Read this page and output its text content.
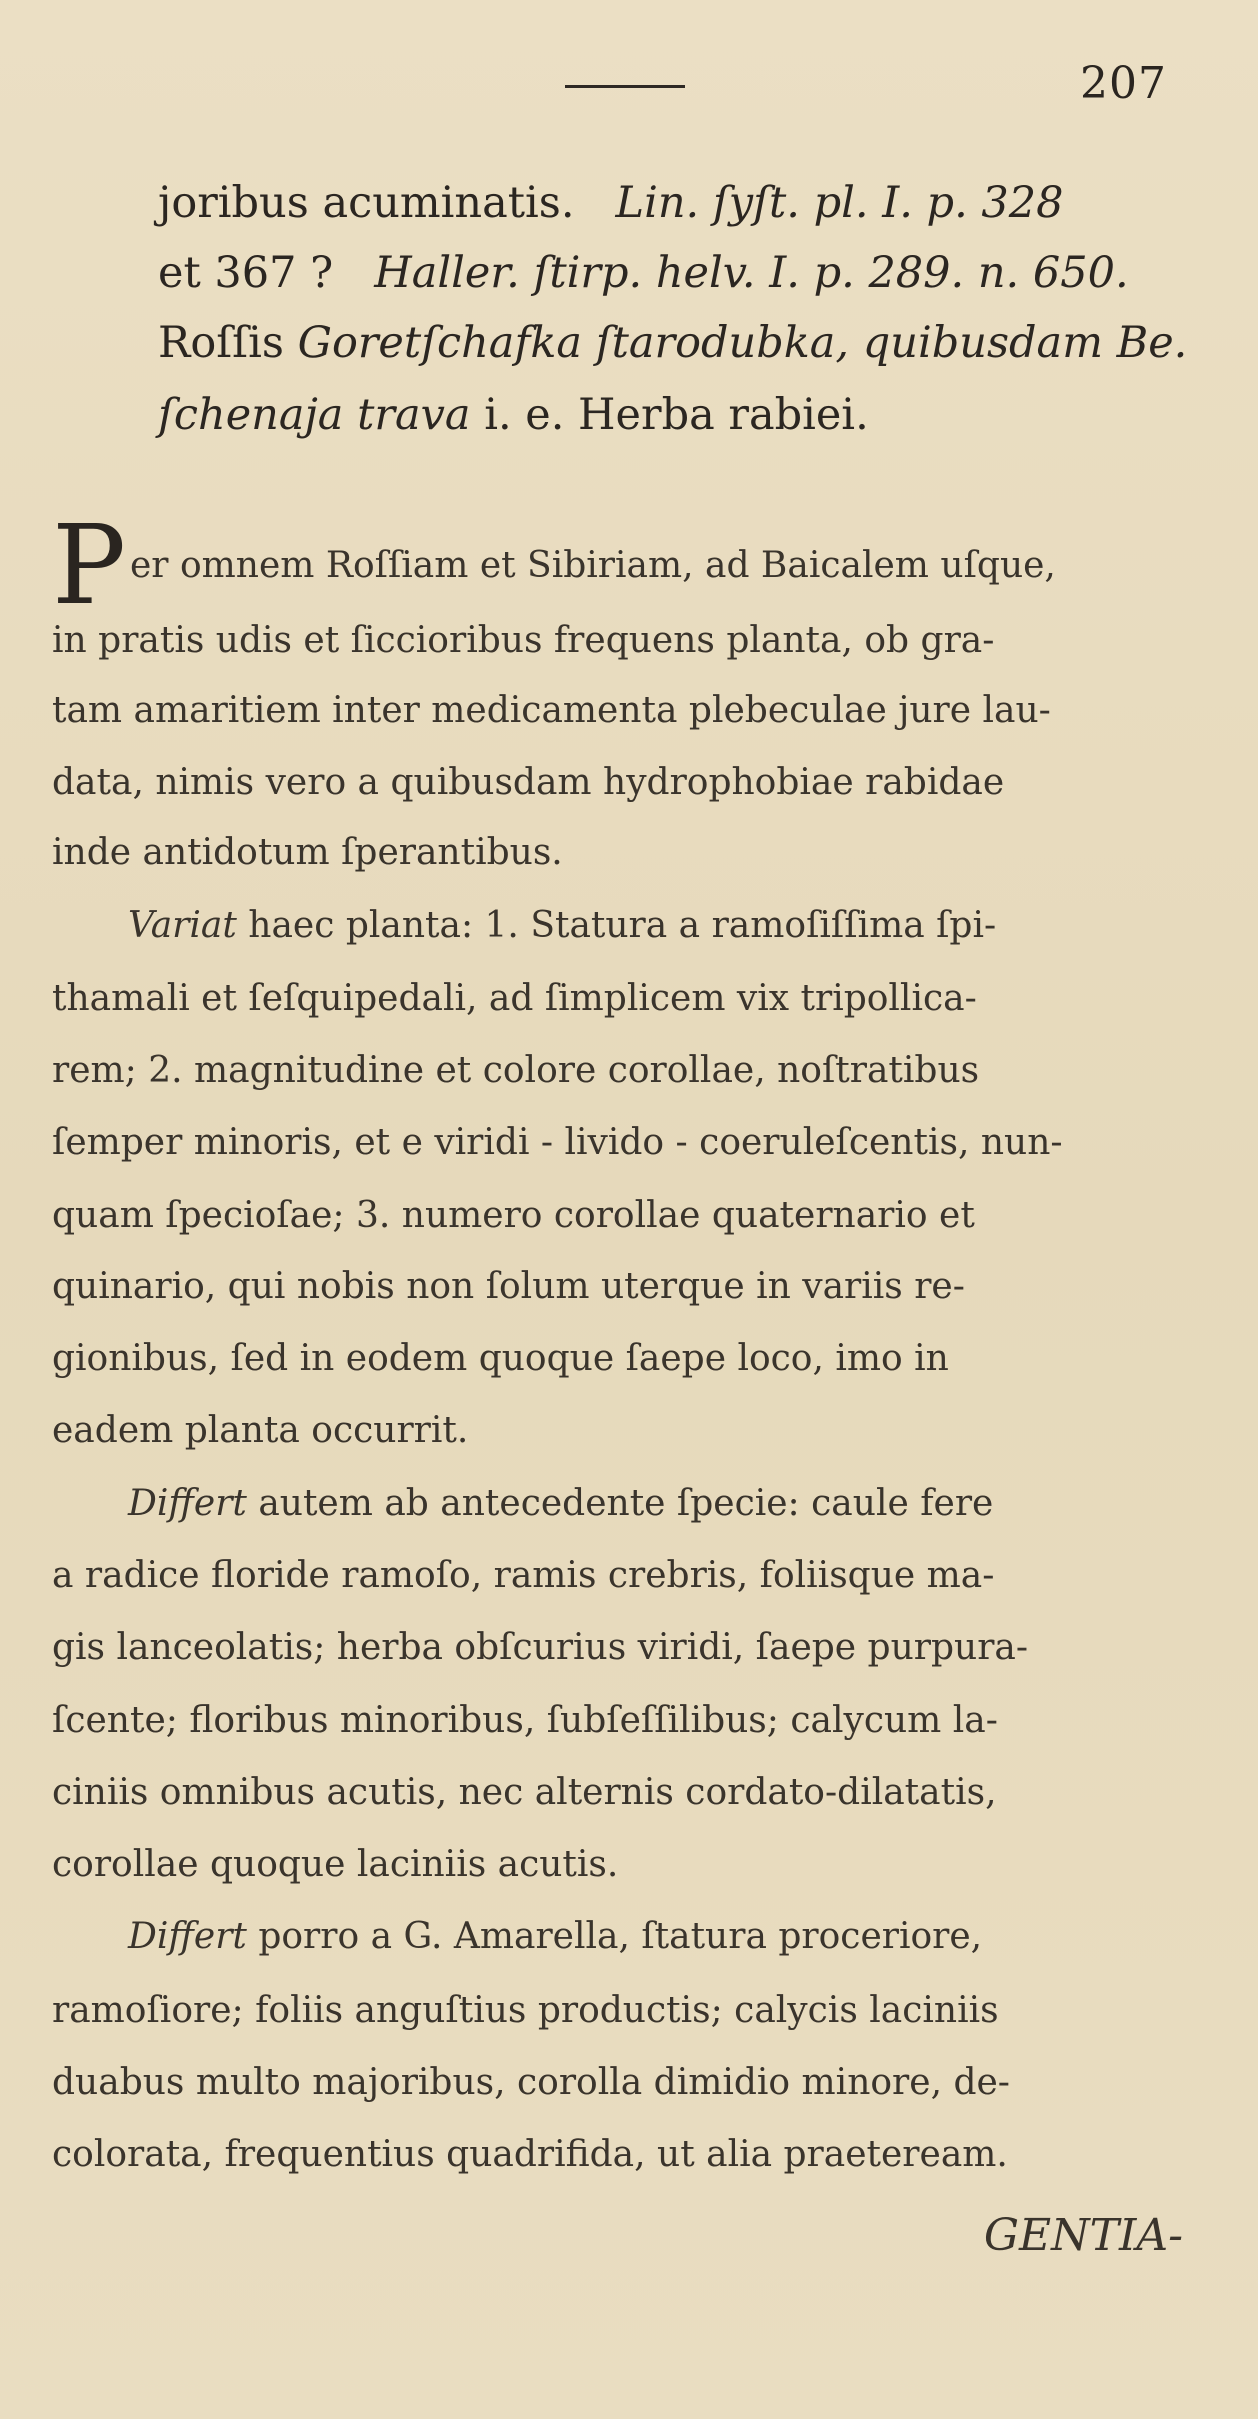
207
joribus acuminatis. Lin. ſyſt. pl. I. p. 328
et 367 ? Haller. ſtirp. helv. I. p. 289. n. 650.
Roſſis Goretſchafka ſtarodubka, quibusdam Be.
ſchenaja trava i. e. Herba rabiei.
P er omnem Roſſiam et Sibiriam, ad Baicalem uſque,
in pratis udis et ſiccioribus frequens planta, ob gra-
tam amaritiem inter medicamenta plebeculae jure lau-
data, nimis vero a quibusdam hydrophobiae rabidae
inde antidotum ſperantibus.
Variat haec planta: 1. Statura a ramoſiſſima ſpi-
thamali et ſeſquipedali, ad ſimplicem vix tripollica-
rem; 2. magnitudine et colore corollae, noſtratibus
ſemper minoris, et e viridi - livido - coeruleſcentis, nun-
quam ſpecioſae; 3. numero corollae quaternario et
quinario, qui nobis non ſolum uterque in variis re-
gionibus, ſed in eodem quoque ſaepe loco, imo in
eadem planta occurrit.
Differt autem ab antecedente ſpecie: caule fere
a radice floride ramoſo, ramis crebris, foliisque ma-
gis lanceolatis; herba obſcurius viridi, ſaepe purpura-
ſcente; floribus minoribus, ſubſeſſilibus; calycum la-
ciniis omnibus acutis, nec alternis cordato-dilatatis,
corollae quoque laciniis acutis.
Differt porro a G. Amarella, ſtatura proceriore,
ramoſiore; foliis anguſtius productis; calycis laciniis
duabus multo majoribus, corolla dimidio minore, de-
colorata, frequentius quadrifida, ut alia praeteream.
GENTIA-
